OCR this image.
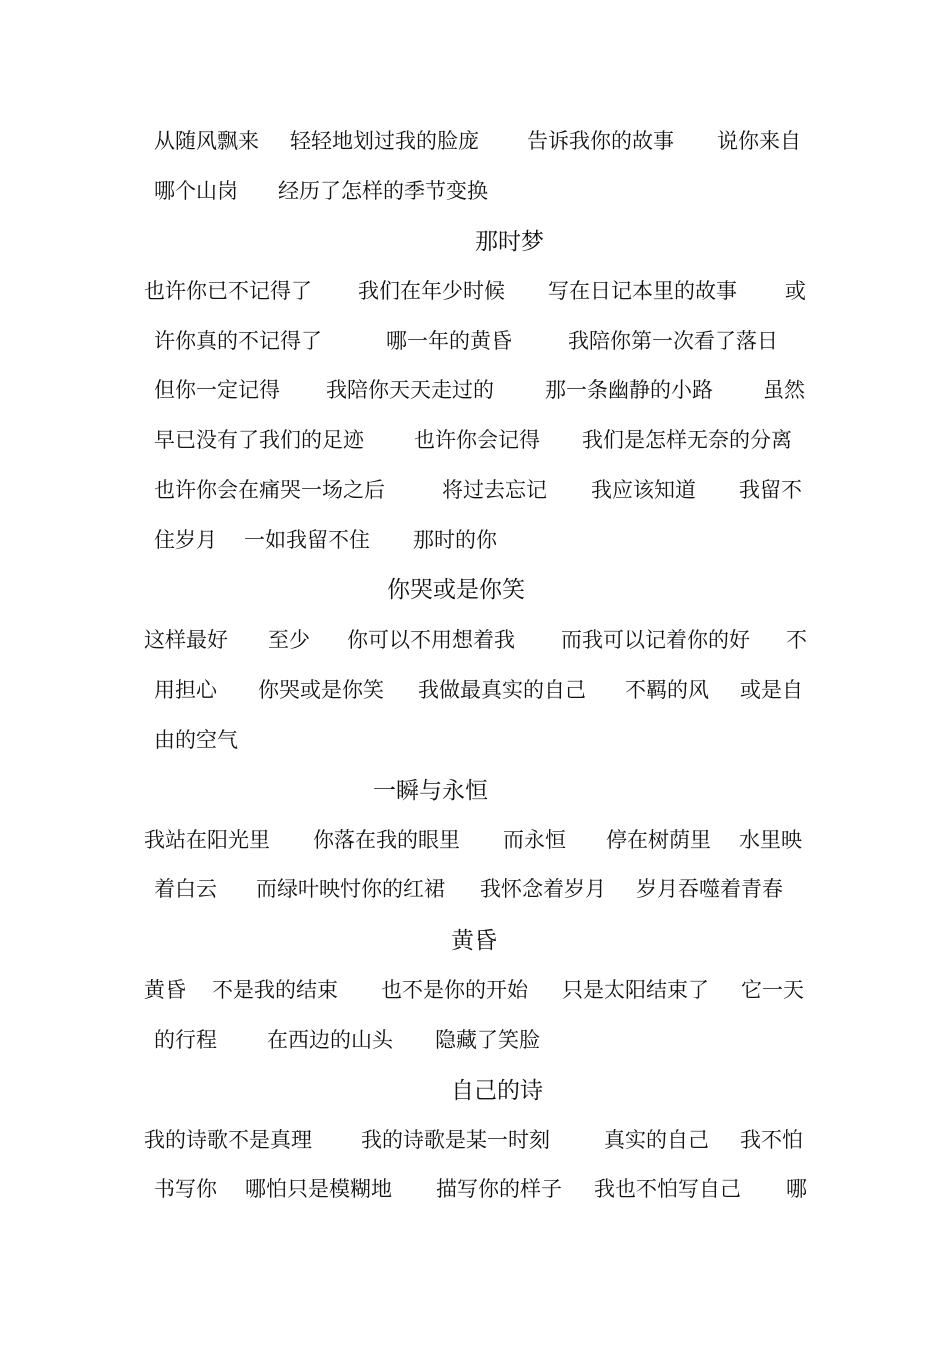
从随风飘来 轻轻地划过我的脸庞 告诉我你的故事 说你来自
哪个山岗 经历了怎样的季节变换
那时梦
也许你已不记得了 我们在年少时候 写在日记本里的故事 或
许你真的不记得了	哪一年的黄昏	我陪你第一次看了落日
但你一定记得 我陪你天天走过的 那一条幽静的小路 虽然
早已没有了我们的足迹 也许你会记得 我们是怎样无奈的分离
也许你会在痛哭一场之后	将过去忘记 我应该知道 我留不
住岁月 一如我留不住 那时的你
你哭或是你笑
这样最好 至少 你可以不用想着我 而我可以记着你的好 不
用担心 你哭或是你笑 我做最真实的自己 不羁的风 或是自
由的空气
一瞬与永恒
我站在阳光里 你落在我的眼里 而永恒 停在树荫里 水里映
着白云 而绿叶映忖你的红裙 我怀念着岁月 岁月吞噬着青春
黄昏
黄昏 不是我的结束 也不是你的开始 只是太阳结束了 它一天
的行程 在西边的山头 隐藏了笑脸
自己的诗
我的诗歌不是真理 我的诗歌是某一时刻	真实的自己 我不怕
书写你 哪怕只是模糊地 描写你的样子 我也不怕写自己 哪
